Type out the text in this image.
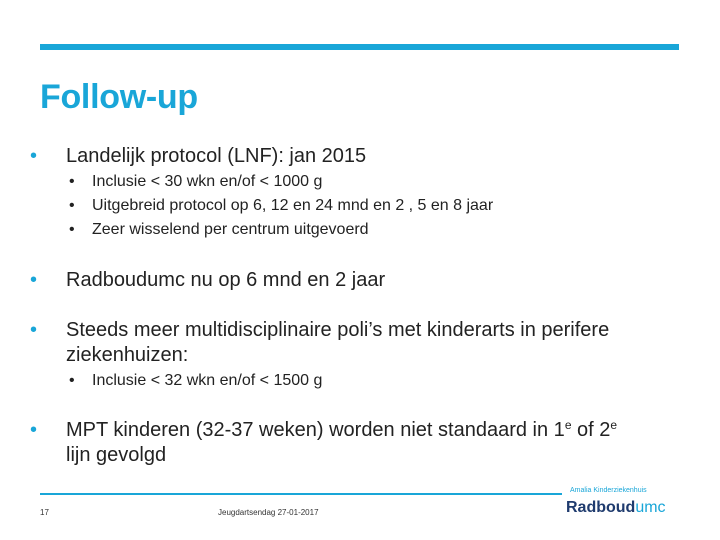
Follow-up
• Landelijk protocol (LNF): jan 2015
• Inclusie < 30 wkn en/of < 1000 g
• Uitgebreid protocol op 6, 12 en 24 mnd en 2 , 5 en 8 jaar
• Zeer wisselend per centrum uitgevoerd
• Radboudumc nu op 6 mnd en 2 jaar
• Steeds meer multidisciplinaire poli’s met kinderarts in perifere
ziekenhuizen:
• Inclusie < 32 wkn en/of < 1500 g
• MPT kinderen (32-37 weken) worden niet standaard in 1e of 2e
lijn gevolgd
Amalia Kinderziekenhuis
17	Jeugdartsendag 27-01-2017	Radboudumc
